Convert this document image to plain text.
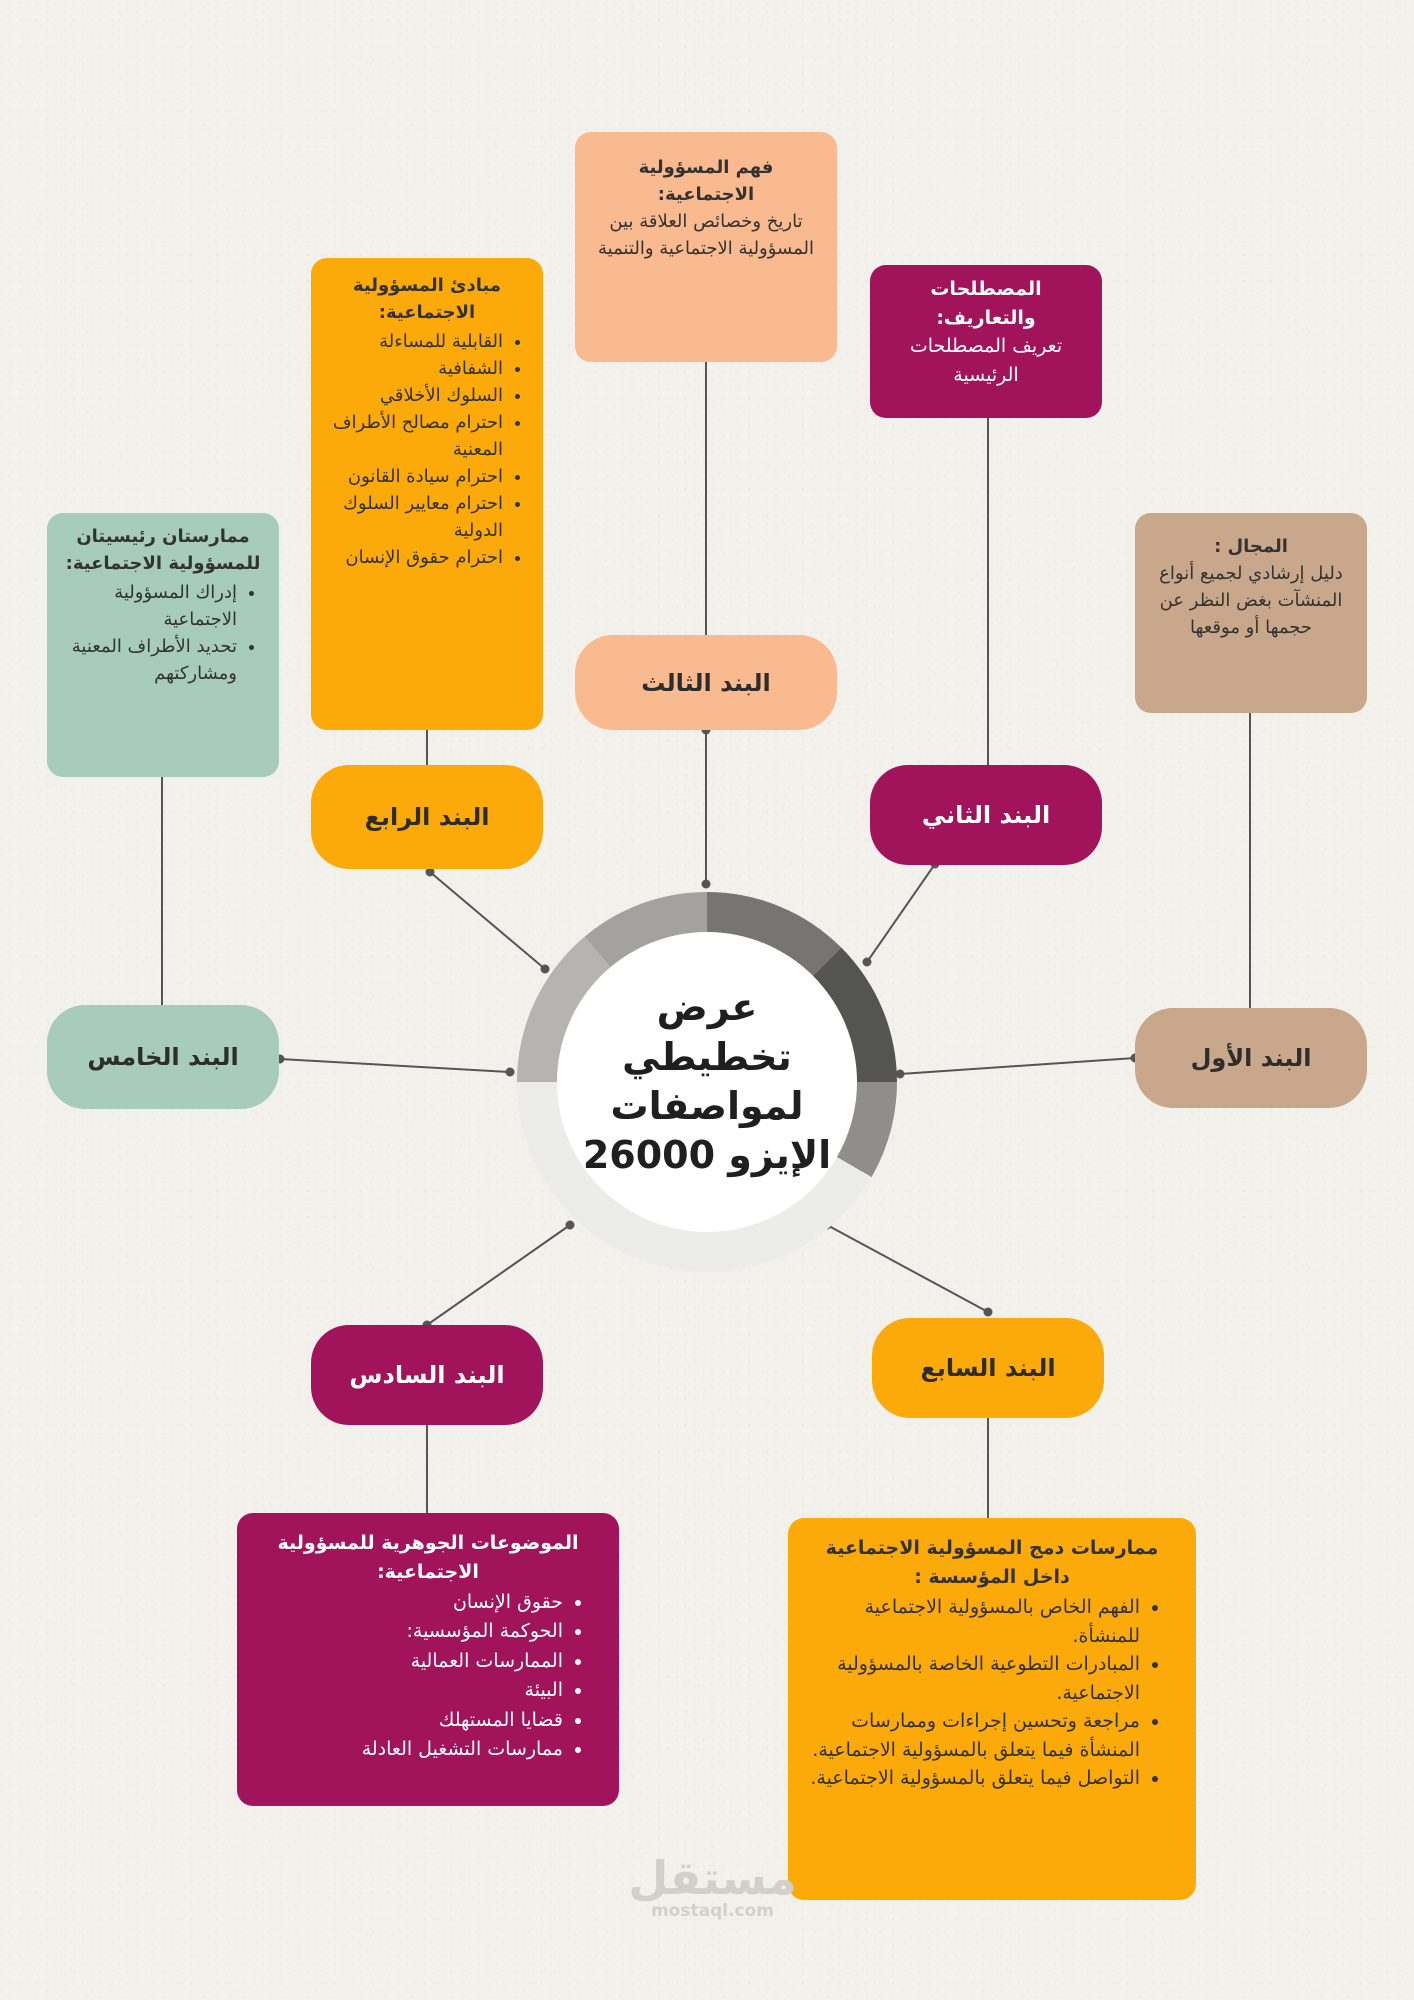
عرض تخطيطي لمواصفات الإيزو 26000
البند الأول
البند الثاني
البند الثالث
البند الرابع
البند الخامس
البند السادس	البند السابع
المجال :
دليل إرشادي لجميع أنواع المنشآت بغض النظر عن حجمها أو موقعها
المصطلحات والتعاريف:
تعريف المصطلحات الرئيسية
فهم المسؤولية الاجتماعية:
تاريخ وخصائص العلاقة بين المسؤولية الاجتماعية والتنمية
مبادئ المسؤولية الاجتماعية:
• القابلية للمساءلة
• الشفافية
• السلوك الأخلاقي
• احترام مصالح الأطراف المعنية
• احترام سيادة القانون
• احترام معايير السلوك الدولية
• احترام حقوق الإنسان
ممارستان رئيسيتان للمسؤولية الاجتماعية:
• إدراك المسؤولية الاجتماعية
• تحديد الأطراف المعنية ومشاركتهم
الموضوعات الجوهرية للمسؤولية الاجتماعية:
• حقوق الإنسان
• الحوكمة المؤسسية:
• الممارسات العمالية
• البيئة
• قضايا المستهلك
• ممارسات التشغيل العادلة
ممارسات دمج المسؤولية الاجتماعية داخل المؤسسة :
• الفهم الخاص بالمسؤولية الاجتماعية للمنشأة.
• المبادرات التطوعية الخاصة بالمسؤولية الاجتماعية.
• مراجعة وتحسين إجراءات وممارسات المنشأة فيما يتعلق بالمسؤولية الاجتماعية.
• التواصل فيما يتعلق بالمسؤولية الاجتماعية.
مستقل
mostaql.com
